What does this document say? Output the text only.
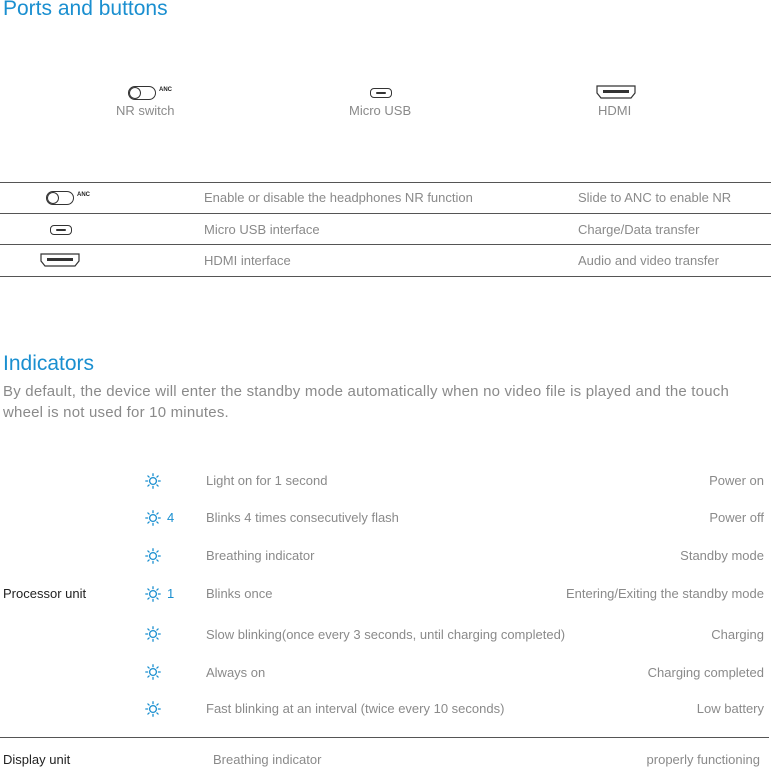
Ports and buttons
ANC
NR switch	Micro USB	HDMI
ANC	Enable or disable the headphones NR function	Slide to ANC to enable NR
Micro USB interface	Charge/Data transfer
HDMI interface	Audio and video transfer
Indicators
By default, the device will enter the standby mode automatically when no video file is played and the touch wheel is not used for 10 minutes.
Processor unit
Light on for 1 second	Power on
4 Blinks 4 times consecutively flash	Power off
Breathing indicator	Standby mode
1 Blinks once	Entering/Exiting the standby mode
Slow blinking(once every 3 seconds, until charging completed)	Charging
Always on	Charging completed
Fast blinking at an interval (twice every 10 seconds)	Low battery
Display unit	Breathing indicator	properly functioning
